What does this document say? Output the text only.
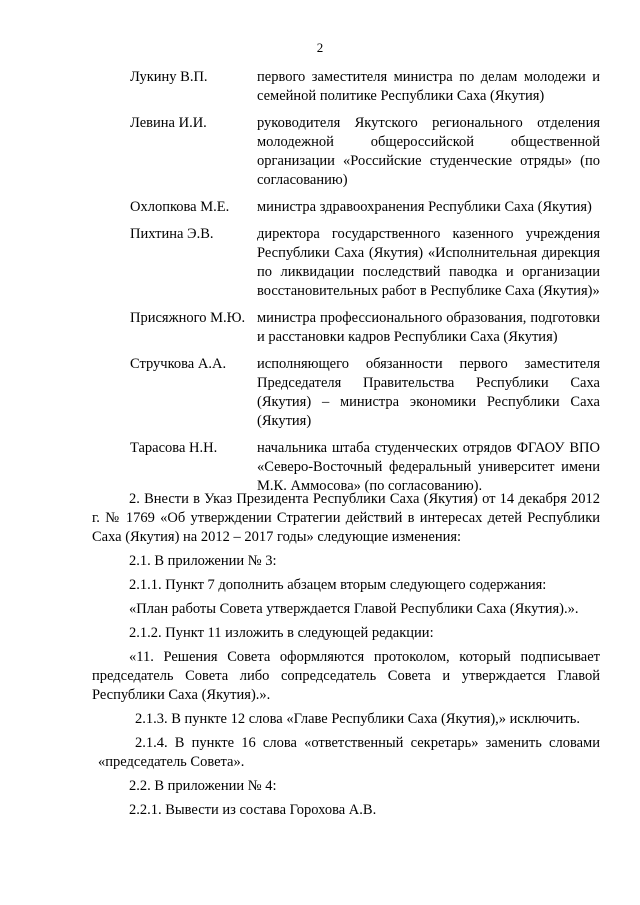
2
Лукину В.П.	первого заместителя министра по делам молодежи и семейной политике Республики Саха (Якутия)
Левина И.И.	руководителя Якутского регионального отделения молодежной общероссийской общественной организации «Российские студенческие отряды» (по согласованию)
Охлопкова М.Е.	министра здравоохранения Республики Саха (Якутия)
Пихтина Э.В.	директора государственного казенного учреждения Республики Саха (Якутия) «Исполнительная дирекция по ликвидации последствий паводка и организации восстановительных работ в Республике Саха (Якутия)»
Присяжного М.Ю. министра профессионального образования, подготовки и расстановки кадров Республики Саха (Якутия)
Стручкова А.А.	исполняющего обязанности первого заместителя Председателя Правительства Республики Саха (Якутия) – министра экономики Республики Саха (Якутия)
Тарасова Н.Н.	начальника штаба студенческих отрядов ФГАОУ ВПО «Северо-Восточный федеральный университет имени М.К. Аммосова» (по согласованию).

2. Внести в Указ Президента Республики Саха (Якутия) от 14 декабря 2012 г. № 1769 «Об утверждении Стратегии действий в интересах детей Республики Саха (Якутия) на 2012 – 2017 годы» следующие изменения:

2.1. В приложении № 3:

2.1.1. Пункт 7 дополнить абзацем вторым следующего содержания:

«План работы Совета утверждается Главой Республики Саха (Якутия).».

2.1.2. Пункт 11 изложить в следующей редакции:

«11. Решения Совета оформляются протоколом, который подписывает председатель Совета либо сопредседатель Совета и утверждается Главой Республики Саха (Якутия).».

2.1.3. В пункте 12 слова «Главе Республики Саха (Якутия),» исключить.

2.1.4. В пункте 16 слова «ответственный секретарь» заменить словами «председатель Совета».

2.2. В приложении № 4:

2.2.1. Вывести из состава Горохова А.В.
